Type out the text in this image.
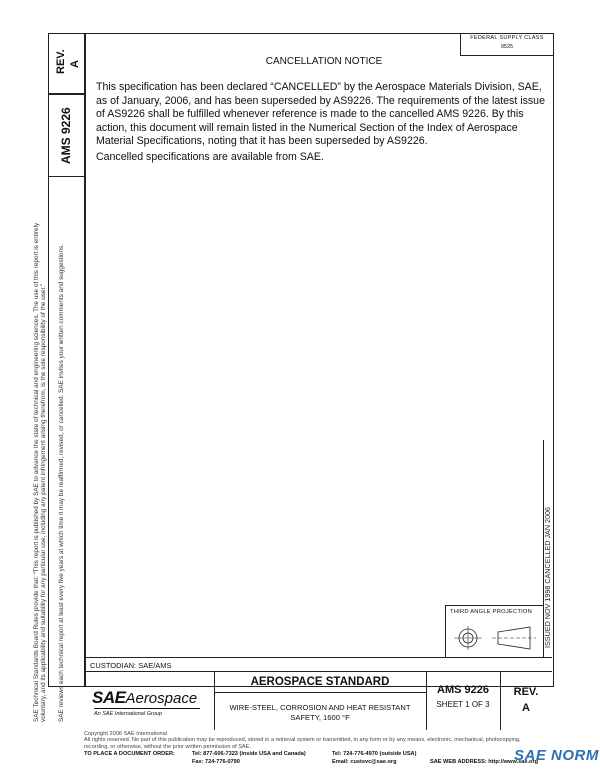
REV. A
AMS 9226
SAE Technical Standards Board Rules provide that: “This report is published by SAE to advance the state of technical and engineering sciences. The use of this report is entirely voluntary, and its applicability and suitability for any particular use, including any patent infringement arising therefrom, is the sole responsibility of the user.” SAE reviews each technical report at least every five years at which time it may be reaffirmed, revised, or cancelled. SAE invites your written comments and suggestions.
FEDERAL SUPPLY CLASS
9525
CANCELLATION NOTICE
This specification has been declared “CANCELLED” by the Aerospace Materials Division, SAE, as of January, 2006, and has been superseded by AS9226. The requirements of the latest issue of AS9226 shall be fulfilled whenever reference is made to the cancelled AMS 9226. By this action, this document will remain listed in the Numerical Section of the Index of Aerospace Material Specifications, noting that it has been superseded by AS9226.
Cancelled specifications are available from SAE.
ISSUED NOV 1998 CANCELLED JAN 2006
THIRD ANGLE PROJECTION
CUSTODIAN: SAE/AMS
SAEAerospace
An SAE International Group
AEROSPACE STANDARD
WIRE-STEEL, CORROSION AND HEAT RESISTANT
SAFETY, 1600 °F
AMS 9226
SHEET 1 OF 3
REV.
A
Copyright 2006 SAE International
All rights reserved. No part of this publication may be reproduced, stored in a retrieval system or transmitted, in any form or by any means, electronic, mechanical, photocopying,
recording, or otherwise, without the prior written permission of SAE.
TO PLACE A DOCUMENT ORDER:	Tel: 877-606-7323 (inside USA and Canada)
Fax: 724-776-0790
Tel: 724-776-4970 (outside USA)
Email: custsvc@sae.org	SAE WEB ADDRESS: http://www.sae.org
SAE NORM
